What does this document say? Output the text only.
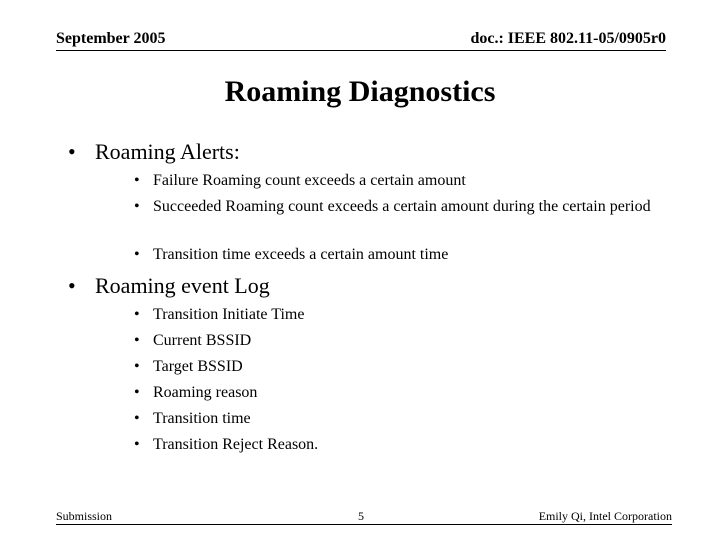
September 2005	doc.: IEEE 802.11-05/0905r0
Roaming Diagnostics
• Roaming Alerts:
• Failure Roaming count exceeds a certain amount
• Succeeded Roaming count exceeds a certain amount during the certain period
• Transition time exceeds a certain amount time
• Roaming event Log
• Transition Initiate Time
• Current BSSID
• Target BSSID
• Roaming reason
• Transition time
• Transition Reject Reason.
Submission	5	Emily Qi, Intel Corporation
